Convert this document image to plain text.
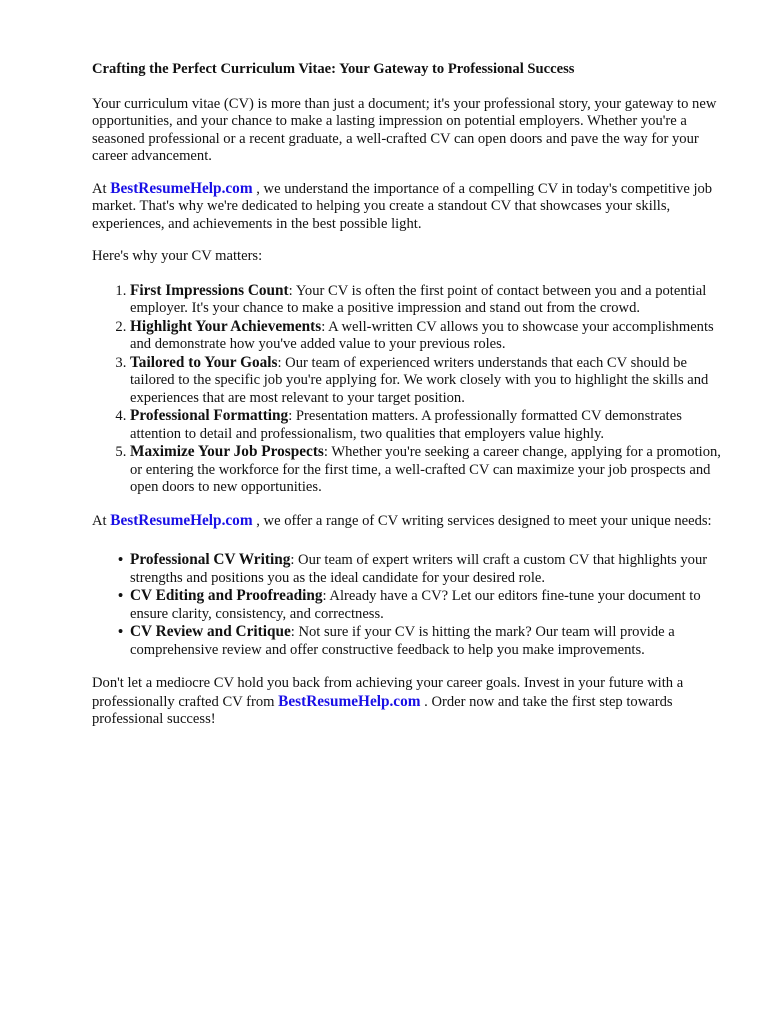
Crafting the Perfect Curriculum Vitae: Your Gateway to Professional Success

Your curriculum vitae (CV) is more than just a document; it's your professional story, your gateway to new opportunities, and your chance to make a lasting impression on potential employers. Whether you're a seasoned professional or a recent graduate, a well-crafted CV can open doors and pave the way for your career advancement.

At BestResumeHelp.com , we understand the importance of a compelling CV in today's competitive job market. That's why we're dedicated to helping you create a standout CV that showcases your skills, experiences, and achievements in the best possible light.

Here's why your CV matters:

1. First Impressions Count: Your CV is often the first point of contact between you and a potential employer. It's your chance to make a positive impression and stand out from the crowd.
2. Highlight Your Achievements: A well-written CV allows you to showcase your accomplishments and demonstrate how you've added value to your previous roles.
3. Tailored to Your Goals: Our team of experienced writers understands that each CV should be tailored to the specific job you're applying for. We work closely with you to highlight the skills and experiences that are most relevant to your target position.
4. Professional Formatting: Presentation matters. A professionally formatted CV demonstrates attention to detail and professionalism, two qualities that employers value highly.
5. Maximize Your Job Prospects: Whether you're seeking a career change, applying for a promotion, or entering the workforce for the first time, a well-crafted CV can maximize your job prospects and open doors to new opportunities.

At BestResumeHelp.com , we offer a range of CV writing services designed to meet your unique needs:

• Professional CV Writing: Our team of expert writers will craft a custom CV that highlights your strengths and positions you as the ideal candidate for your desired role.
• CV Editing and Proofreading: Already have a CV? Let our editors fine-tune your document to ensure clarity, consistency, and correctness.
• CV Review and Critique: Not sure if your CV is hitting the mark? Our team will provide a comprehensive review and offer constructive feedback to help you make improvements.

Don't let a mediocre CV hold you back from achieving your career goals. Invest in your future with a professionally crafted CV from BestResumeHelp.com . Order now and take the first step towards professional success!
